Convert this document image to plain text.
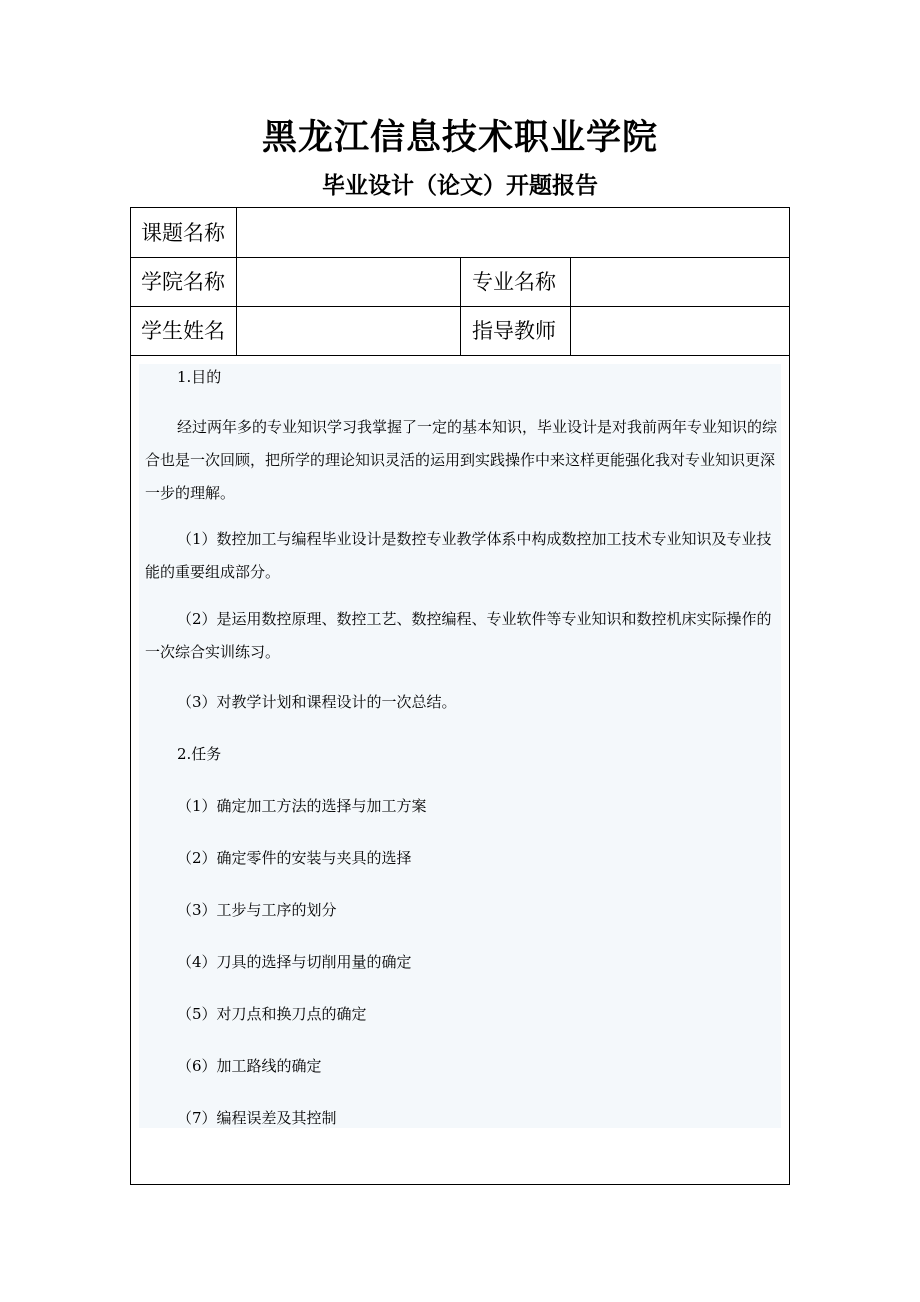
黑龙江信息技术职业学院
毕业设计（论文）开题报告
课题名称
学院名称	专业名称
学生姓名	指导教师
1.目的
经过两年多的专业知识学习我掌握了一定的基本知识，毕业设计是对我前两年专业知识的综合也是一次回顾，把所学的理论知识灵活的运用到实践操作中来这样更能强化我对专业知识更深一步的理解。
（1）数控加工与编程毕业设计是数控专业教学体系中构成数控加工技术专业知识及专业技能的重要组成部分。
（2）是运用数控原理、数控工艺、数控编程、专业软件等专业知识和数控机床实际操作的一次综合实训练习。
（3）对教学计划和课程设计的一次总结。
2.任务
（1）确定加工方法的选择与加工方案
（2）确定零件的安装与夹具的选择
（3）工步与工序的划分
（4）刀具的选择与切削用量的确定
（5）对刀点和换刀点的确定
（6）加工路线的确定
（7）编程误差及其控制
